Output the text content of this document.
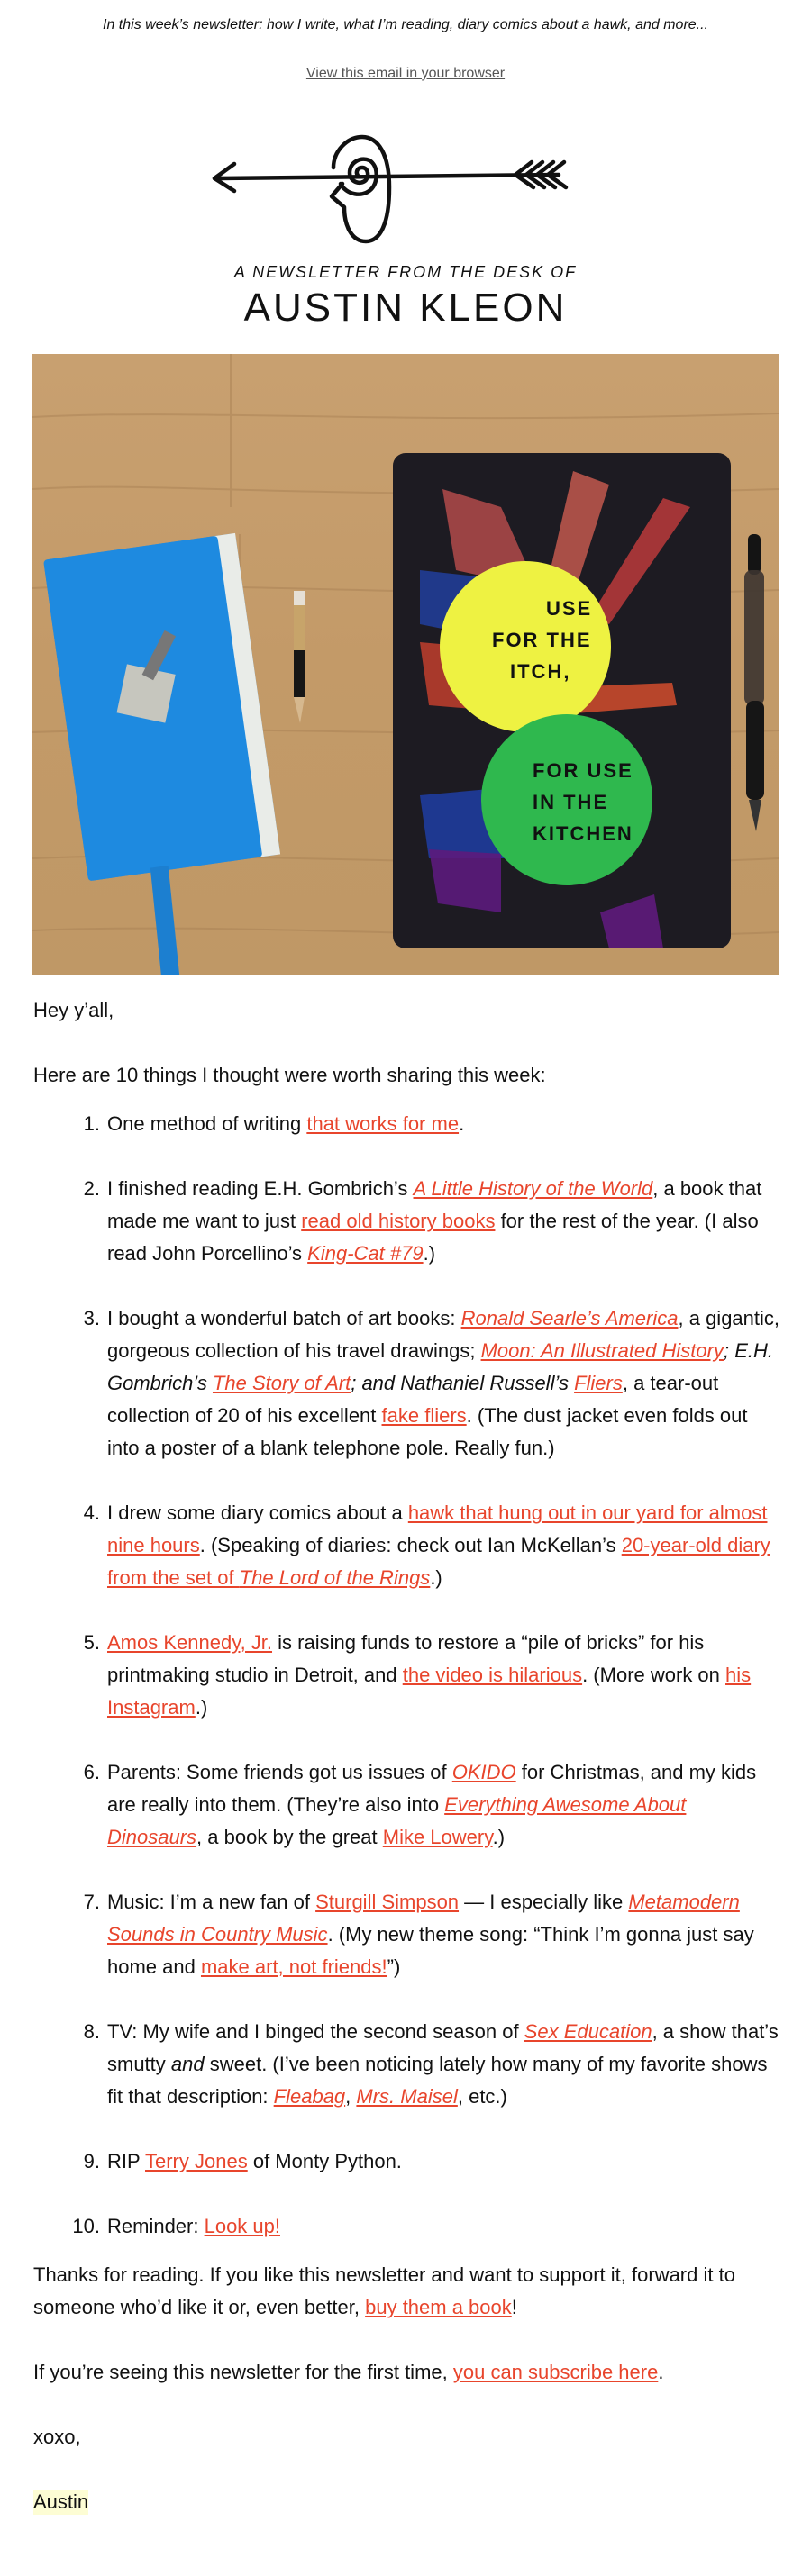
In this week’s newsletter: how I write, what I’m reading, diary comics about a hawk, and more...
View this email in your browser
A NEWSLETTER FROM THE DESK OF
AUSTIN KLEON
USE
FOR THE
ITCH,
FOR USE
IN THE
KITCHEN

Hey y’all,

Here are 10 things I thought were worth sharing this week:

1. One method of writing that works for me.
2. I finished reading E.H. Gombrich’s A Little History of the World, a book that made me want to just read old history books for the rest of the year. (I also read John Porcellino’s King-Cat #79.)
3. I bought a wonderful batch of art books: Ronald Searle’s America, a gigantic, gorgeous collection of his travel drawings; Moon: An Illustrated History; E.H. Gombrich’s The Story of Art; and Nathaniel Russell’s Fliers, a tear-out collection of 20 of his excellent fake fliers. (The dust jacket even folds out into a poster of a blank telephone pole. Really fun.)
4. I drew some diary comics about a hawk that hung out in our yard for almost nine hours. (Speaking of diaries: check out Ian McKellan’s 20-year-old diary from the set of The Lord of the Rings.)
5. Amos Kennedy, Jr. is raising funds to restore a “pile of bricks” for his printmaking studio in Detroit, and the video is hilarious. (More work on his Instagram.)
6. Parents: Some friends got us issues of OKIDO for Christmas, and my kids are really into them. (They’re also into Everything Awesome About Dinosaurs, a book by the great Mike Lowery.)
7. Music: I’m a new fan of Sturgill Simpson — I especially like Metamodern Sounds in Country Music. (My new theme song: “Think I’m gonna just say home and make art, not friends!”)
8. TV: My wife and I binged the second season of Sex Education, a show that’s smutty and sweet. (I’ve been noticing lately how many of my favorite shows fit that description: Fleabag, Mrs. Maisel, etc.)
9. RIP Terry Jones of Monty Python.
10. Reminder: Look up!

Thanks for reading. If you like this newsletter and want to support it, forward it to someone who’d like it or, even better, buy them a book!

If you’re seeing this newsletter for the first time, you can subscribe here.

xoxo,

Austin
